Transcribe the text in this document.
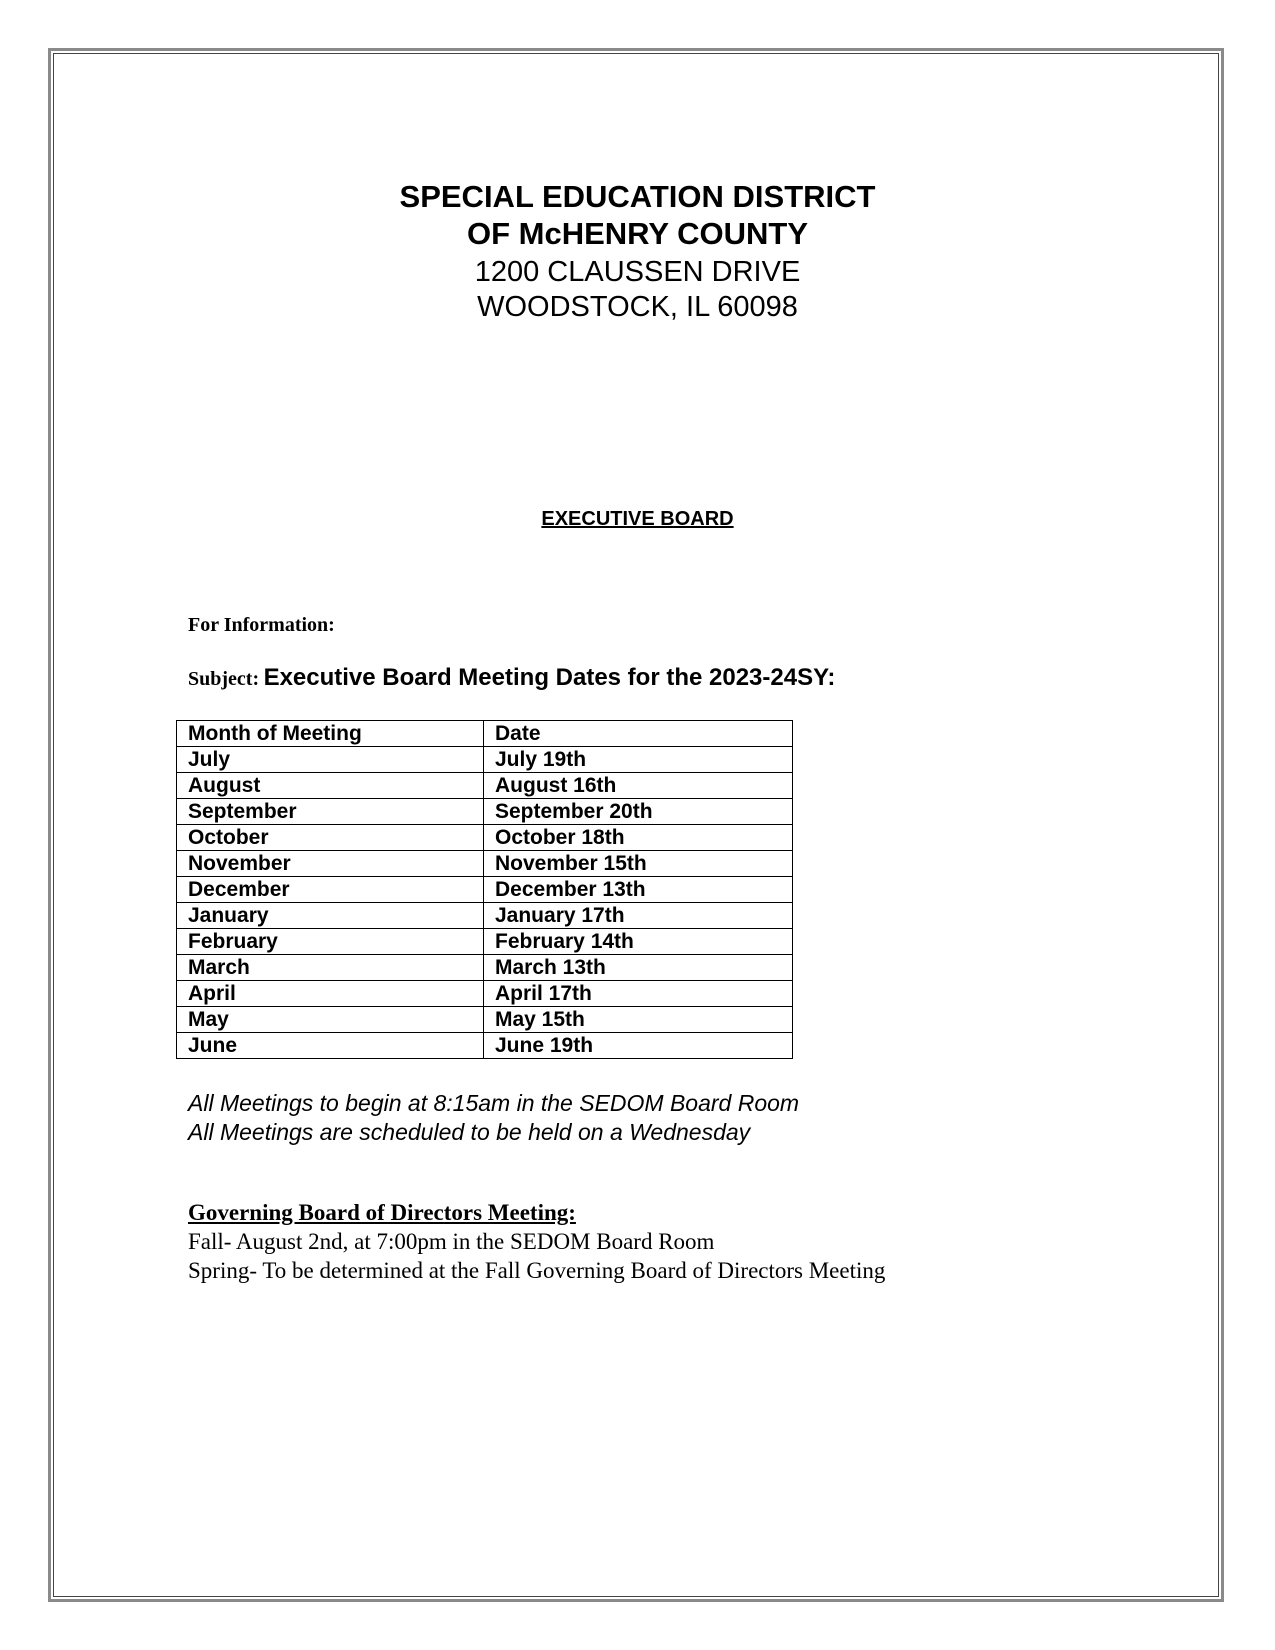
SPECIAL EDUCATION DISTRICT
OF McHENRY COUNTY
1200 CLAUSSEN DRIVE
WOODSTOCK, IL 60098
EXECUTIVE BOARD
For Information:
Subject: Executive Board Meeting Dates for the 2023-24SY:
Month of Meeting	Date
July	July 19th
August	August 16th
September	September 20th
October	October 18th
November	November 15th
December	December 13th
January	January 17th
February	February 14th
March	March 13th
April	April 17th
May	May 15th
June	June 19th
All Meetings to begin at 8:15am in the SEDOM Board Room
All Meetings are scheduled to be held on a Wednesday
Governing Board of Directors Meeting:
Fall- August 2nd, at 7:00pm in the SEDOM Board Room
Spring- To be determined at the Fall Governing Board of Directors Meeting
